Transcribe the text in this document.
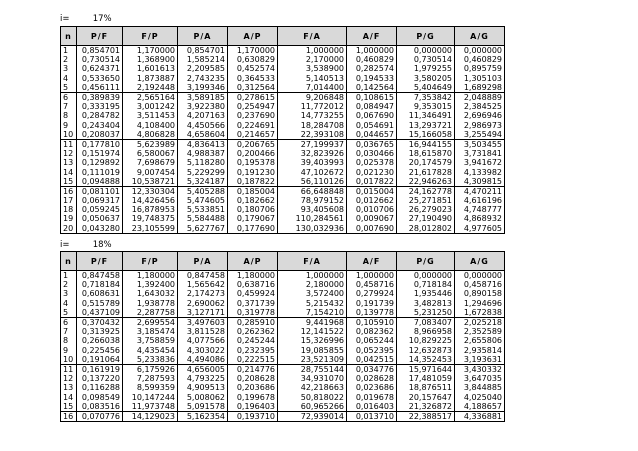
i=	17%
n	P/F	F/P	P/A	A/P	F/A	A/F	P/G	A/G
1	0,854701	1,170000	0,854701	1,170000	1,000000	1,000000	0,000000	0,000000
2	0,730514	1,368900	1,585214	0,630829	2,170000	0,460829	0,730514	0,460829
3	0,624371	1,601613	2,209585	0,452574	3,538900	0,282574	1,979255	0,895759
4	0,533650	1,873887	2,743235	0,364533	5,140513	0,194533	3,580205	1,305103
5	0,456111	2,192448	3,199346	0,312564	7,014400	0,142564	5,404649	1,689298
6	0,389839	2,565164	3,589185	0,278615	9,206848	0,108615	7,353842	2,048889
7	0,333195	3,001242	3,922380	0,254947	11,772012	0,084947	9,353015	2,384525
8	0,284782	3,511453	4,207163	0,237690	14,773255	0,067690	11,346491	2,696946
9	0,243404	4,108400	4,450566	0,224691	18,284708	0,054691	13,293721	2,986973
10	0,208037	4,806828	4,658604	0,214657	22,393108	0,044657	15,166058	3,255494
11	0,177810	5,623989	4,836413	0,206765	27,199937	0,036765	16,944155	3,503455
12	0,151974	6,580067	4,988387	0,200466	32,823926	0,030466	18,615870	3,731841
13	0,129892	7,698679	5,118280	0,195378	39,403993	0,025378	20,174579	3,941672
14	0,111019	9,007454	5,229299	0,191230	47,102672	0,021230	21,617828	4,133982
15	0,094888	10,538721	5,324187	0,187822	56,110126	0,017822	22,946263	4,309815
16	0,081101	12,330304	5,405288	0,185004	66,648848	0,015004	24,162778	4,470211
17	0,069317	14,426456	5,474605	0,182662	78,979152	0,012662	25,271851	4,616196
18	0,059245	16,878953	5,533851	0,180706	93,405608	0,010706	26,279023	4,748777
19	0,050637	19,748375	5,584488	0,179067	110,284561	0,009067	27,190490	4,868932
20	0,043280	23,105599	5,627767	0,177690	130,032936	0,007690	28,012802	4,977605
i=	18%
n	P/F	F/P	P/A	A/P	F/A	A/F	P/G	A/G
1	0,847458	1,180000	0,847458	1,180000	1,000000	1,000000	0,000000	0,000000
2	0,718184	1,392400	1,565642	0,638716	2,180000	0,458716	0,718184	0,458716
3	0,608631	1,643032	2,174273	0,459924	3,572400	0,279924	1,935446	0,890158
4	0,515789	1,938778	2,690062	0,371739	5,215432	0,191739	3,482813	1,294696
5	0,437109	2,287758	3,127171	0,319778	7,154210	0,139778	5,231250	1,672838
6	0,370432	2,699554	3,497603	0,285910	9,441968	0,105910	7,083407	2,025218
7	0,313925	3,185474	3,811528	0,262362	12,141522	0,082362	8,966958	2,352589
8	0,266038	3,758859	4,077566	0,245244	15,326996	0,065244	10,829225	2,655806
9	0,225456	4,435454	4,303022	0,232395	19,085855	0,052395	12,632873	2,935814
10	0,191064	5,233836	4,494086	0,222515	23,521309	0,042515	14,352453	3,193631
11	0,161919	6,175926	4,656005	0,214776	28,755144	0,034776	15,971644	3,430332
12	0,137220	7,287593	4,793225	0,208628	34,931070	0,028628	17,481059	3,647035
13	0,116288	8,599359	4,909513	0,203686	42,218663	0,023686	18,876511	3,844885
14	0,098549	10,147244	5,008062	0,199678	50,818022	0,019678	20,157647	4,025040
15	0,083516	11,973748	5,091578	0,196403	60,965266	0,016403	21,326872	4,188657
16	0,070776	14,129023	5,162354	0,193710	72,939014	0,013710	22,388517	4,336881
